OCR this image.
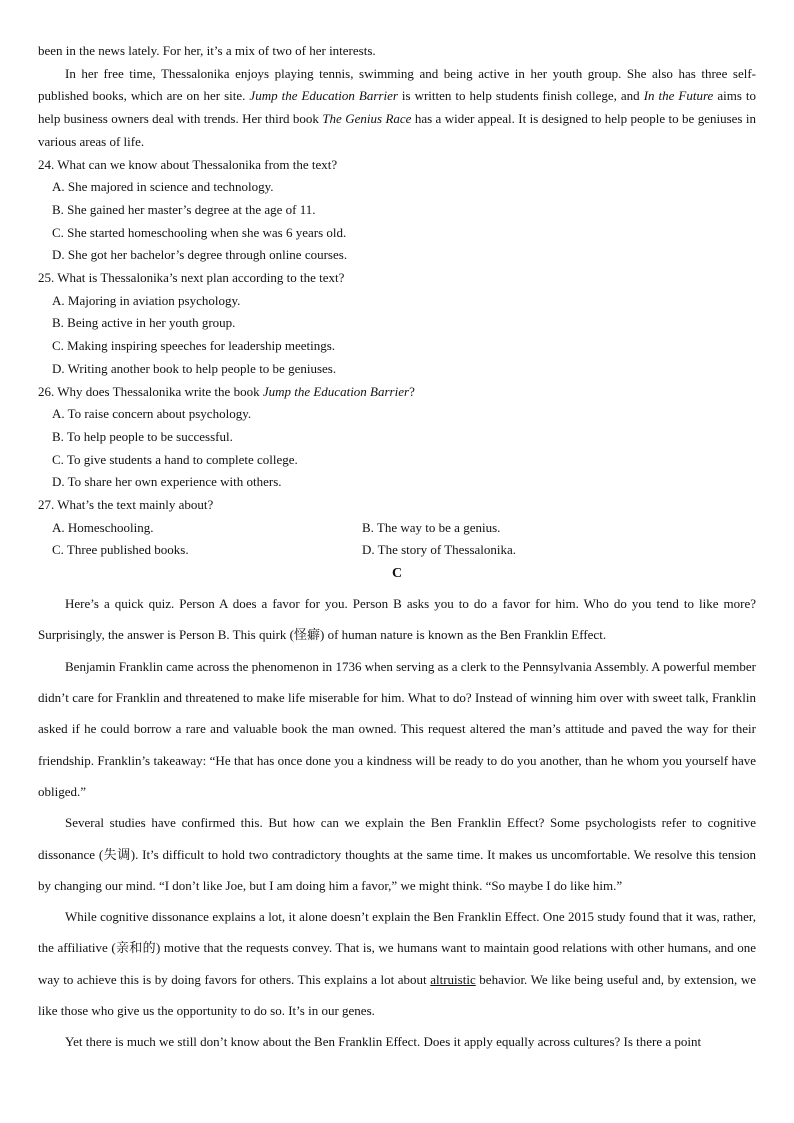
been in the news lately. For her, it’s a mix of two of her interests.

In her free time, Thessalonika enjoys playing tennis, swimming and being active in her youth group. She also has three self-published books, which are on her site. Jump the Education Barrier is written to help students finish college, and In the Future aims to help business owners deal with trends. Her third book The Genius Race has a wider appeal. It is designed to help people to be geniuses in various areas of life.

24. What can we know about Thessalonika from the text?

A. She majored in science and technology.

B. She gained her master’s degree at the age of 11.

C. She started homeschooling when she was 6 years old.

D. She got her bachelor’s degree through online courses.

25. What is Thessalonika’s next plan according to the text?

A. Majoring in aviation psychology.

B. Being active in her youth group.

C. Making inspiring speeches for leadership meetings.

D. Writing another book to help people to be geniuses.

26. Why does Thessalonika write the book Jump the Education Barrier?

A. To raise concern about psychology.

B. To help people to be successful.

C. To give students a hand to complete college.

D. To share her own experience with others.

27. What’s the text mainly about?

A. Homeschooling.	B. The way to be a genius.
C. Three published books.	D. The story of Thessalonika.
C

Here’s a quick quiz. Person A does a favor for you. Person B asks you to do a favor for him. Who do you tend to like more? Surprisingly, the answer is Person B. This quirk (怪癖) of human nature is known as the Ben Franklin Effect.

Benjamin Franklin came across the phenomenon in 1736 when serving as a clerk to the Pennsylvania Assembly. A powerful member didn’t care for Franklin and threatened to make life miserable for him. What to do? Instead of winning him over with sweet talk, Franklin asked if he could borrow a rare and valuable book the man owned. This request altered the man’s attitude and paved the way for their friendship. Franklin’s takeaway: “He that has once done you a kindness will be ready to do you another, than he whom you yourself have obliged.”

Several studies have confirmed this. But how can we explain the Ben Franklin Effect? Some psychologists refer to cognitive dissonance (失调). It’s difficult to hold two contradictory thoughts at the same time. It makes us uncomfortable. We resolve this tension by changing our mind. “I don’t like Joe, but I am doing him a favor,” we might think. “So maybe I do like him.”

While cognitive dissonance explains a lot, it alone doesn’t explain the Ben Franklin Effect. One 2015 study found that it was, rather, the affiliative (亲和的) motive that the requests convey. That is, we humans want to maintain good relations with other humans, and one way to achieve this is by doing favors for others. This explains a lot about altruistic behavior. We like being useful and, by extension, we like those who give us the opportunity to do so. It’s in our genes.

Yet there is much we still don’t know about the Ben Franklin Effect. Does it apply equally across cultures? Is there a point
